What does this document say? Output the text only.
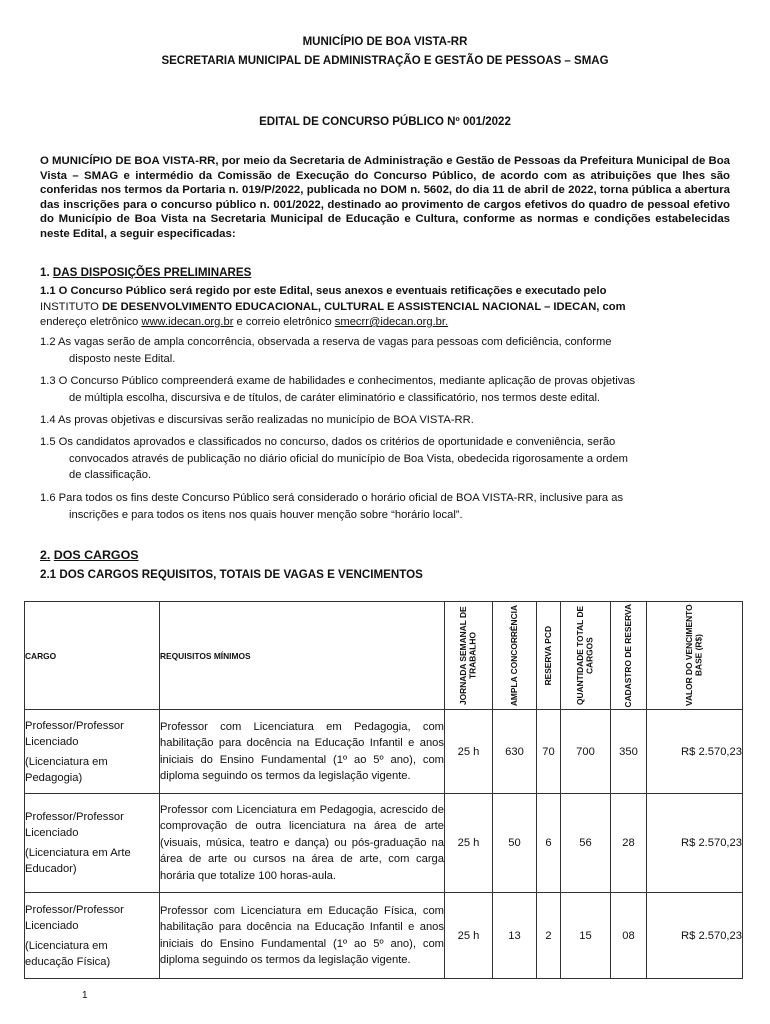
MUNICÍPIO DE BOA VISTA-RR
SECRETARIA MUNICIPAL DE ADMINISTRAÇÃO E GESTÃO DE PESSOAS – SMAG
EDITAL DE CONCURSO PÚBLICO Nº 001/2022
O MUNICÍPIO DE BOA VISTA-RR, por meio da Secretaria de Administração e Gestão de Pessoas da Prefeitura Municipal de Boa Vista – SMAG e intermédio da Comissão de Execução do Concurso Público, de acordo com as atribuições que lhes são conferidas nos termos da Portaria n. 019/P/2022, publicada no DOM n. 5602, do dia 11 de abril de 2022, torna pública a abertura das inscrições para o concurso público n. 001/2022, destinado ao provimento de cargos efetivos do quadro de pessoal efetivo do Município de Boa Vista na Secretaria Municipal de Educação e Cultura, conforme as normas e condições estabelecidas neste Edital, a seguir especificadas:
1. DAS DISPOSIÇÕES PRELIMINARES
1.1 O Concurso Público será regido por este Edital, seus anexos e eventuais retificações e executado pelo
INSTITUTO DE DESENVOLVIMENTO EDUCACIONAL, CULTURAL E ASSISTENCIAL NACIONAL – IDECAN, com
endereço eletrônico www.idecan.org.br e correio eletrônico smecrr@idecan.org.br.
1.2 As vagas serão de ampla concorrência, observada a reserva de vagas para pessoas com deficiência, conforme
disposto neste Edital.
1.3 O Concurso Público compreenderá exame de habilidades e conhecimentos, mediante aplicação de provas objetivas
de múltipla escolha, discursiva e de títulos, de caráter eliminatório e classificatório, nos termos deste edital.
1.4 As provas objetivas e discursivas serão realizadas no município de BOA VISTA-RR.
1.5 Os candidatos aprovados e classificados no concurso, dados os critérios de oportunidade e conveniência, serão
convocados através de publicação no diário oficial do município de Boa Vista, obedecida rigorosamente a ordem
de classificação.
1.6 Para todos os fins deste Concurso Público será considerado o horário oficial de BOA VISTA-RR, inclusive para as
inscrições e para todos os itens nos quais houver menção sobre “horário local”.
2. DOS CARGOS
2.1 DOS CARGOS REQUISITOS, TOTAIS DE VAGAS E VENCIMENTOS
CARGO	REQUISITOS MÍNIMOS	JORNADA SEMANAL DE TRABALHO	AMPLA CONCORRÊNCIA	RESERVA PCD	QUANTIDADE TOTAL DE CARGOS	CADASTRO DE RESERVA	VALOR DO VENCIMENTO BASE (R$)

Professor/Professor Licenciado
(Licenciatura em Pedagogia)	Professor com Licenciatura em Pedagogia, com habilitação para docência na Educação Infantil e anos iniciais do Ensino Fundamental (1º ao 5º ano), com diploma seguindo os termos da legislação vigente.	25 h	630	70	700	350	R$ 2.570,23

Professor/Professor Licenciado
(Licenciatura em Arte Educador)	Professor com Licenciatura em Pedagogia, acrescido de comprovação de outra licenciatura na área de arte (visuais, música, teatro e dança) ou pós-graduação na área de arte ou cursos na área de arte, com carga horária que totalize 100 horas-aula.	25 h	50	6	56	28	R$ 2.570,23

Professor/Professor Licenciado
(Licenciatura em educação Física)	Professor com Licenciatura em Educação Física, com habilitação para docência na Educação Infantil e anos iniciais do Ensino Fundamental (1º ao 5º ano), com diploma seguindo os termos da legislação vigente.	25 h	13	2	15	08	R$ 2.570,23
1
